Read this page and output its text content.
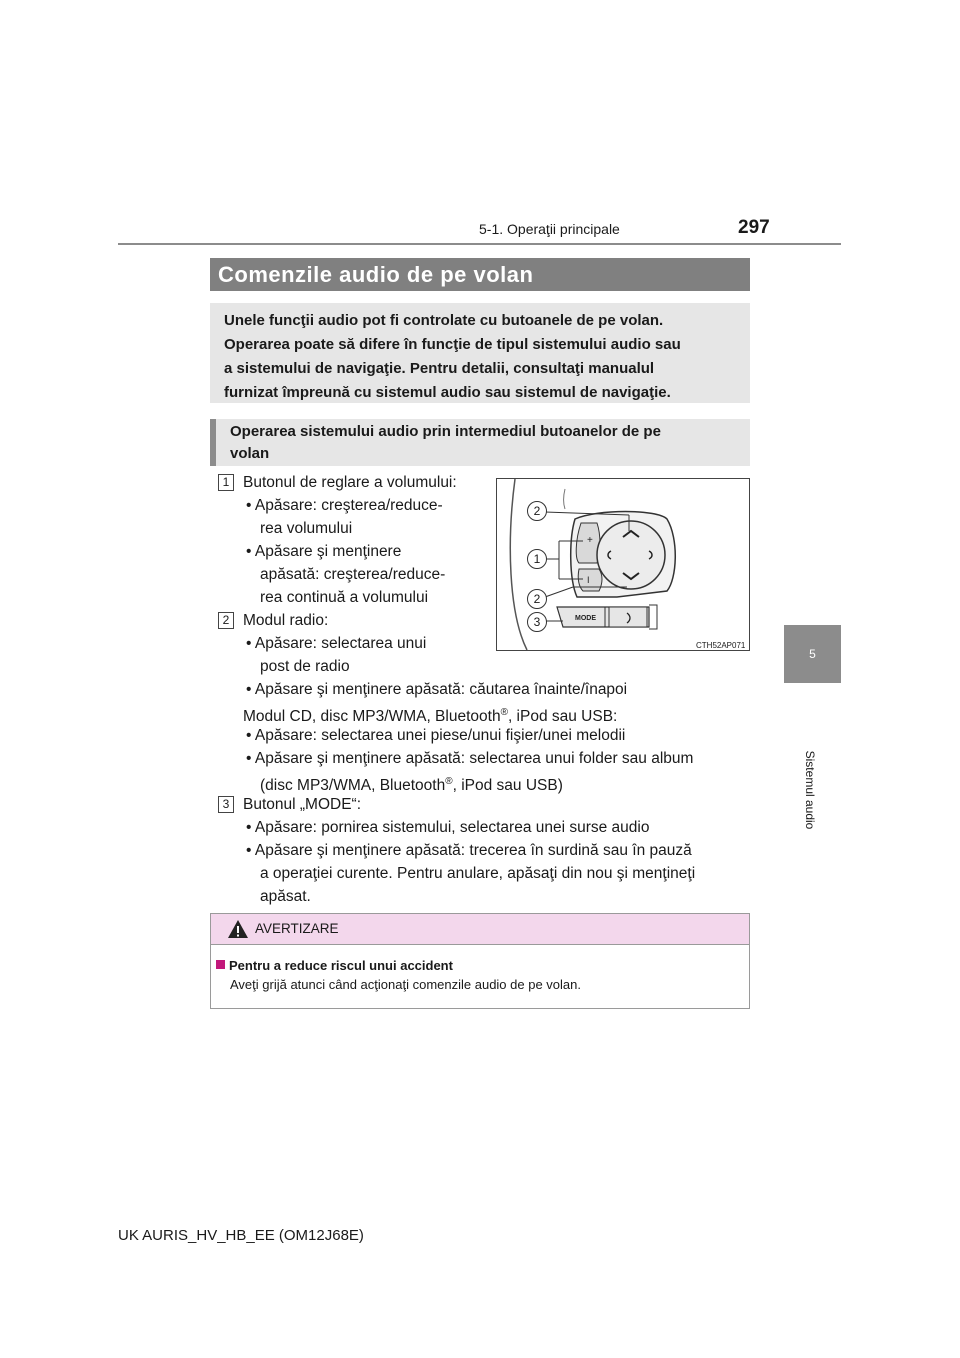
5-1. Operaţii principale	297
5
Sistemul audio
Comenzile audio de pe volan
Unele funcţii audio pot fi controlate cu butoanele de pe volan.
Operarea poate să difere în funcţie de tipul sistemului audio sau
a sistemului de navigaţie. Pentru detalii, consultaţi manualul
furnizat împreună cu sistemul audio sau sistemul de navigaţie.
Operarea sistemului audio prin intermediul butoanelor de pe
volan
1 Butonul de reglare a volumului:
• Apăsare: creşterea/reduce-
rea volumului
• Apăsare şi menţinere
apăsată: creşterea/reduce-
rea continuă a volumului
2 Modul radio:
• Apăsare: selectarea unui
post de radio
• Apăsare şi menţinere apăsată: căutarea înainte/înapoi
Modul CD, disc MP3/WMA, Bluetooth®, iPod sau USB:
• Apăsare: selectarea unei piese/unui fişier/unei melodii
• Apăsare şi menţinere apăsată: selectarea unui folder sau album
(disc MP3/WMA, Bluetooth®, iPod sau USB)
3 Butonul „MODE“:
• Apăsare: pornirea sistemului, selectarea unei surse audio
• Apăsare şi menţinere apăsată: trecerea în surdină sau în pauză
a operaţiei curente. Pentru anulare, apăsaţi din nou şi menţineţi
apăsat.
+
I
MODE
2
1
2
3
CTH52AP071
AVERTIZARE
Pentru a reduce riscul unui accident
Aveţi grijă atunci când acţionaţi comenzile audio de pe volan.
UK AURIS_HV_HB_EE (OM12J68E)
